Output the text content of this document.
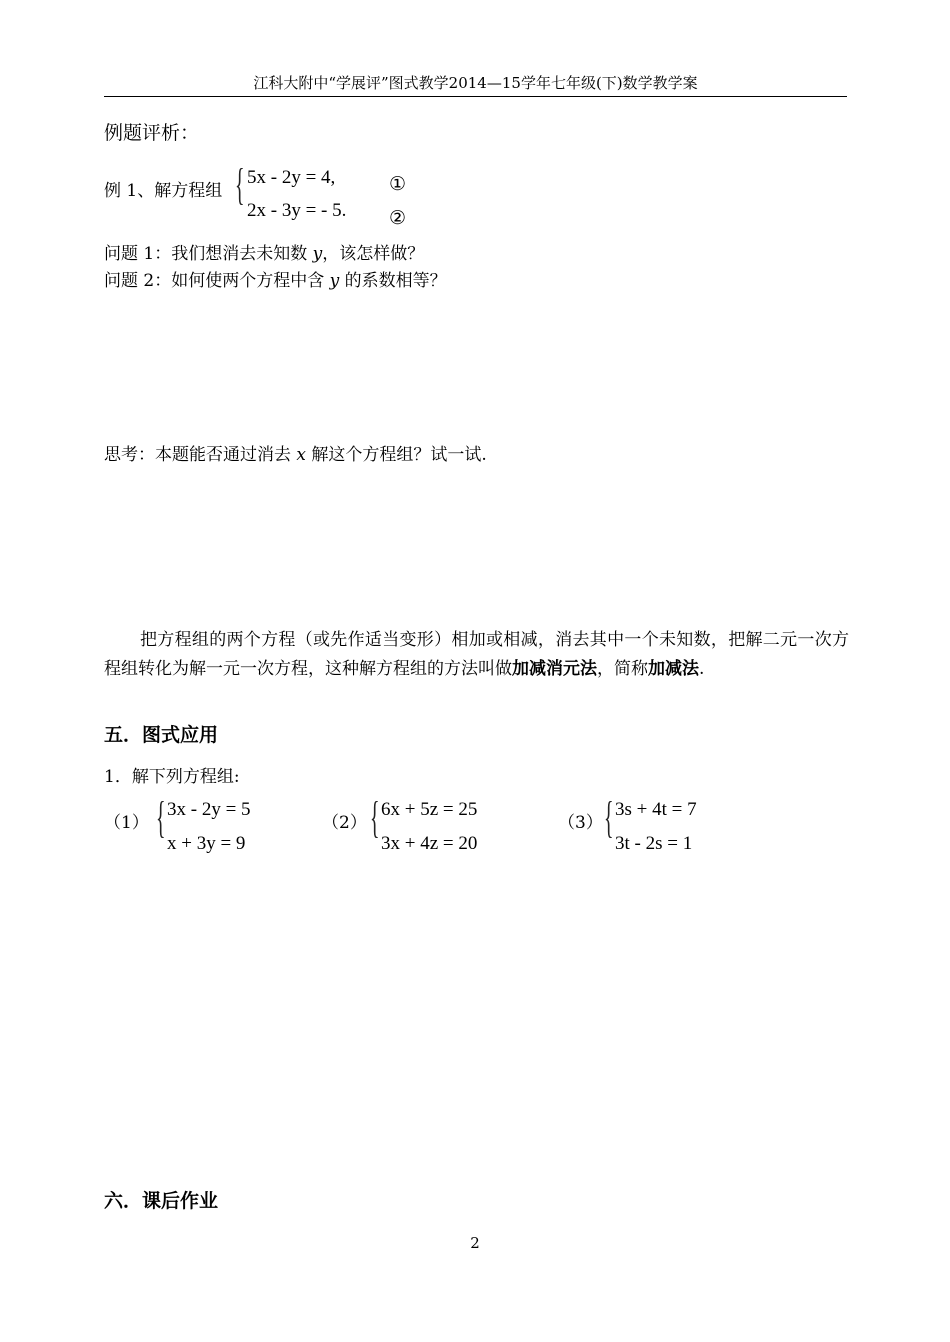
江科大附中“学展评”图式教学2014—15学年七年级(下)数学教学案
例题评析：
例 1、解方程组 { 5x - 2y = 4,
2x - 3y = - 5.
①
②
问题 1：我们想消去未知数 y，该怎样做？
问题 2：如何使两个方程中含 y 的系数相等？
思考：本题能否通过消去 x 解这个方程组？试一试.
把方程组的两个方程（或先作适当变形）相加或相减，消去其中一个未知数，把解二元一次方程组转化为解一元一次方程，这种解方程组的方法叫做加减消元法，简称加减法.
五．图式应用
1．解下列方程组:
（1） { 3x - 2y = 5
x + 3y = 9
（2） { 6x + 5z = 25
3x + 4z = 20
（3） { 3s + 4t = 7
3t - 2s = 1
六．课后作业
2
